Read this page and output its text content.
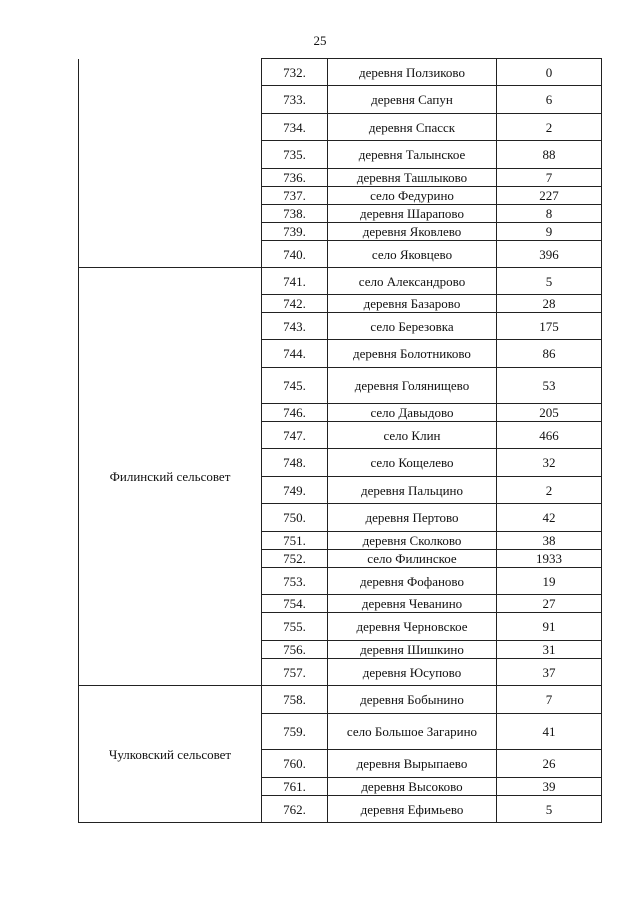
25
	732.	деревня Ползиково	0
	733.	деревня Сапун	6
	734.	деревня Спасск	2
	735.	деревня Талынское	88
	736.	деревня Ташлыково	7
	737.	село Федурино	227
	738.	деревня Шарапово	8
	739.	деревня Яковлево	9
	740.	село Яковцево	396
Филинский сельсовет	741.	село Александрово	5
	742.	деревня Базарово	28
	743.	село Березовка	175
	744.	деревня Болотниково	86
	745.	деревня Голянищево	53
	746.	село Давыдово	205
	747.	село Клин	466
	748.	село Кощелево	32
	749.	деревня Пальцино	2
	750.	деревня Пертово	42
	751.	деревня Сколково	38
	752.	село Филинское	1933
	753.	деревня Фофаново	19
	754.	деревня Чеванино	27
	755.	деревня Черновское	91
	756.	деревня Шишкино	31
	757.	деревня Юсупово	37
Чулковский сельсовет	758.	деревня Бобынино	7
	759.	село Большое Загарино	41
	760.	деревня Вырыпаево	26
	761.	деревня Высоково	39
	762.	деревня Ефимьево	5
